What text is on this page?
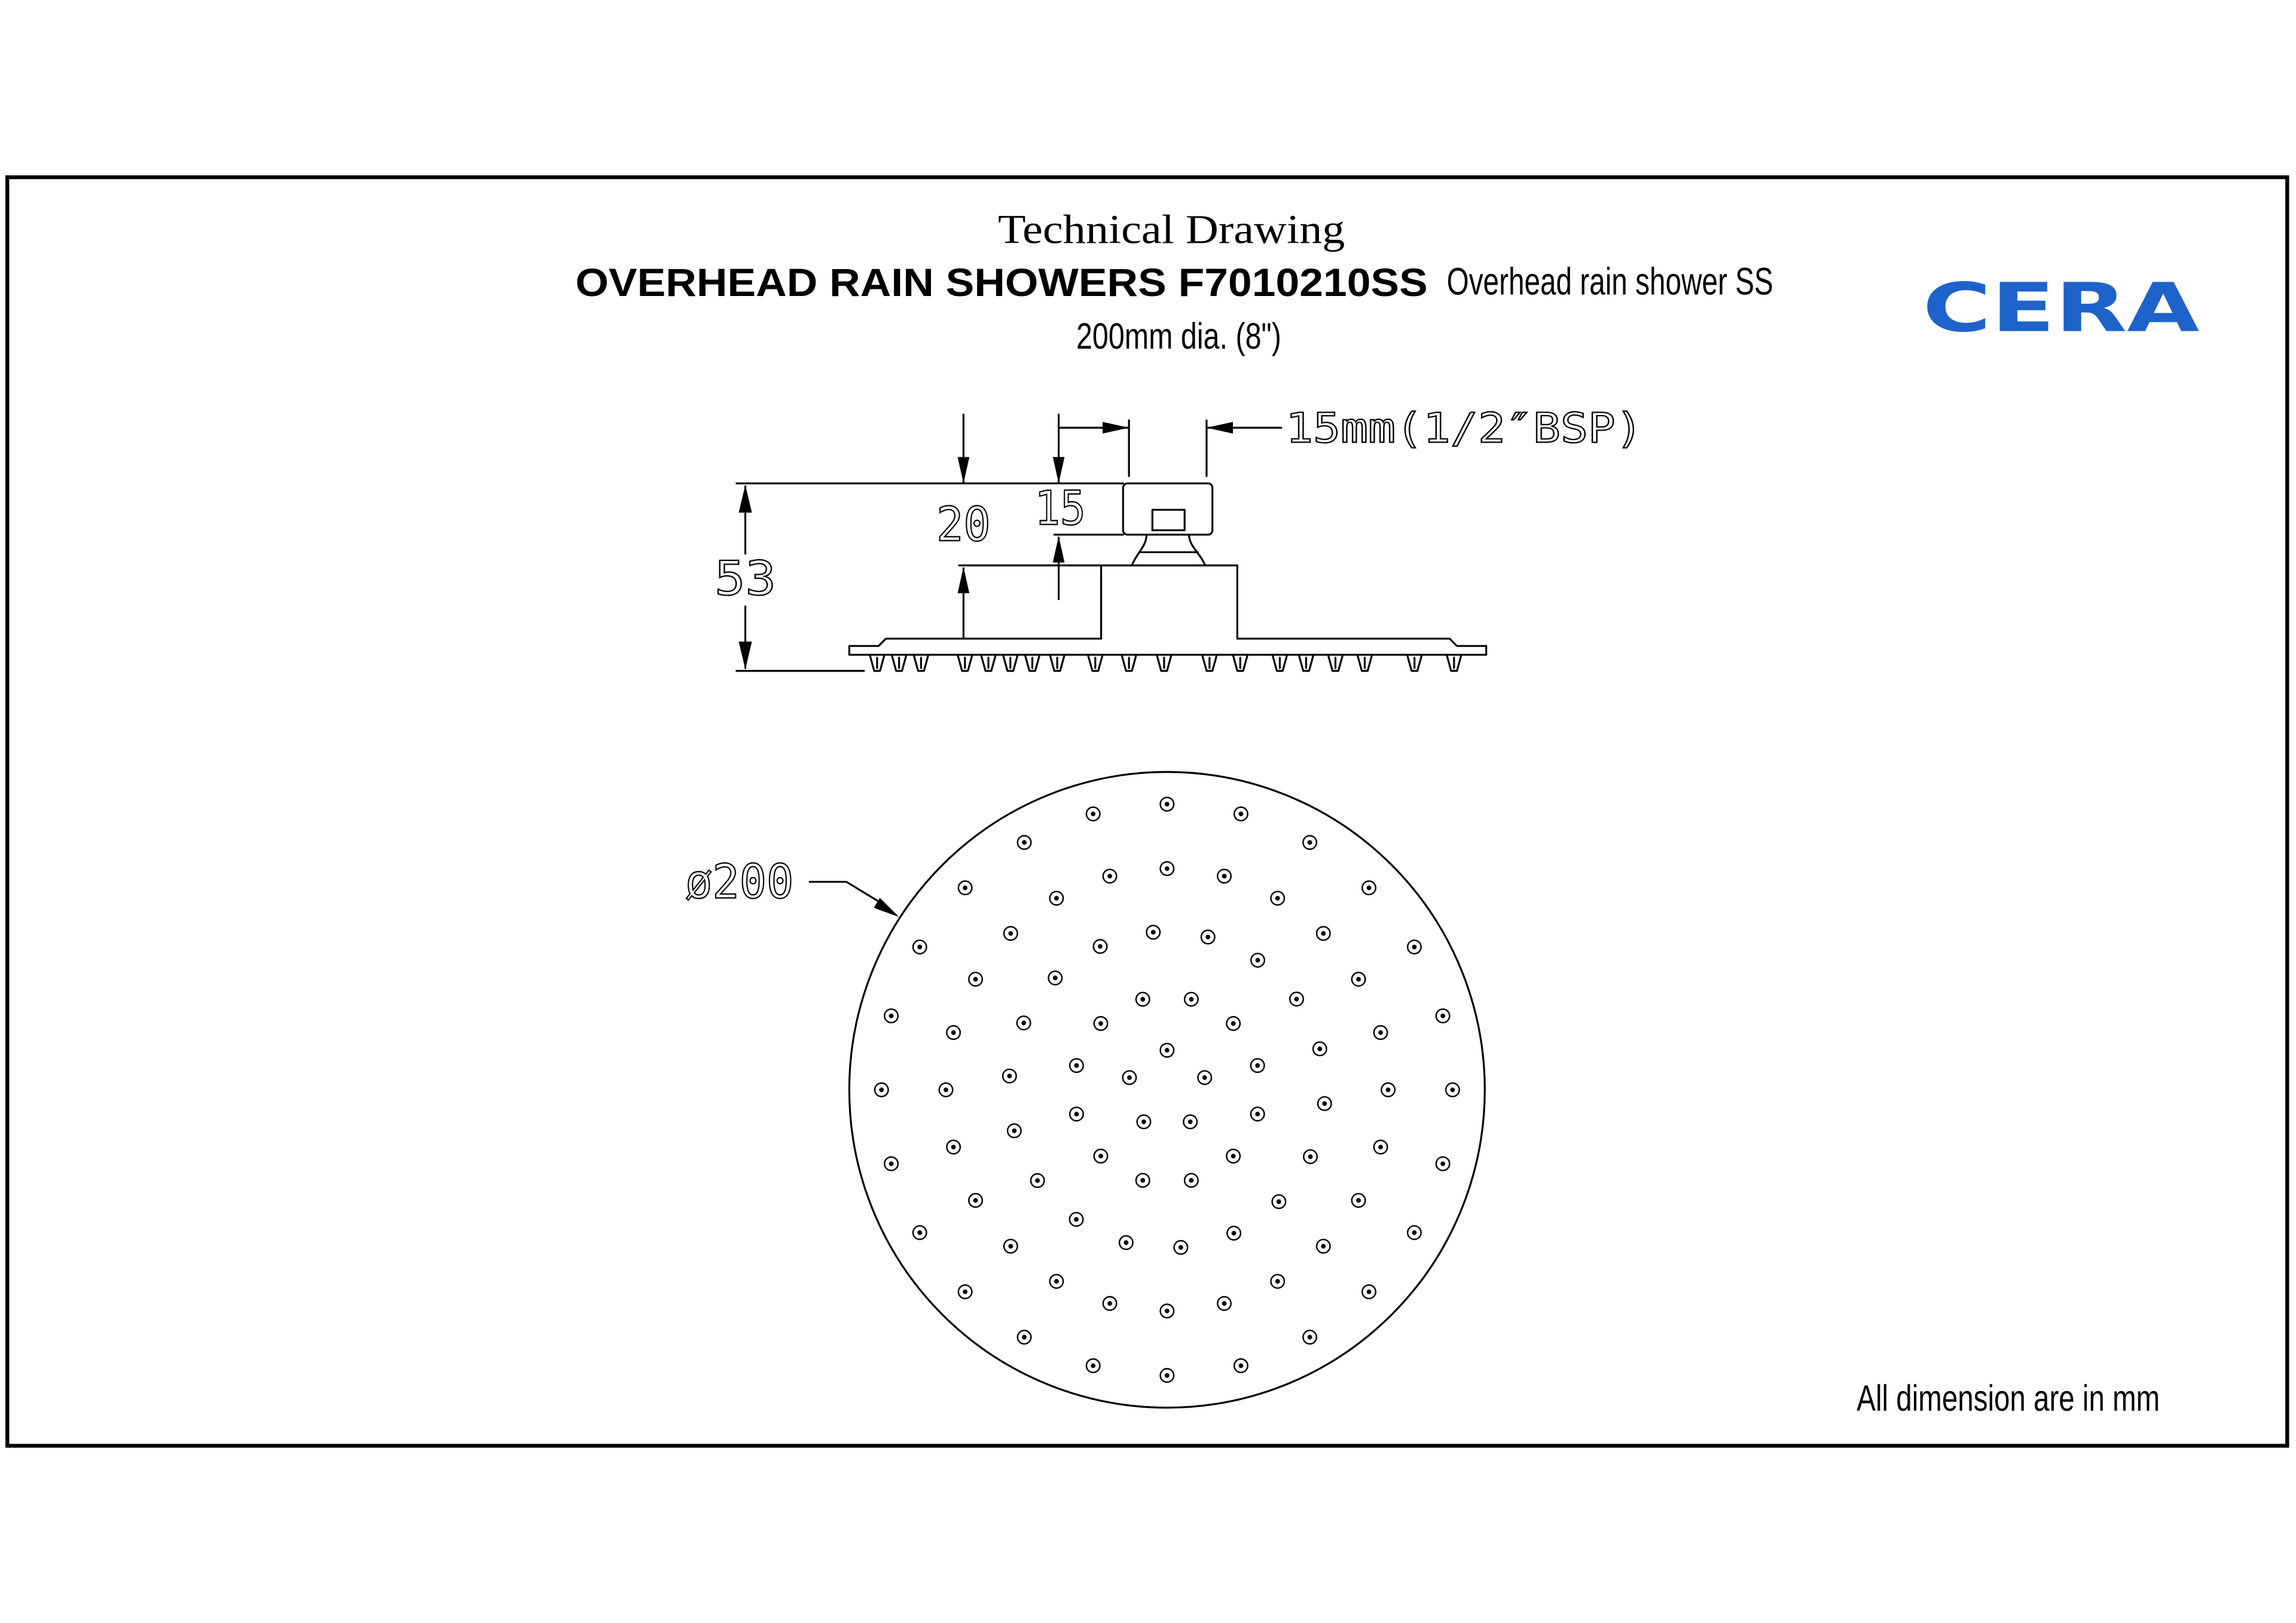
Technical Drawing
OVERHEAD RAIN SHOWERS F7010210SS Overhead rain shower SS
200mm dia. (8")	CERA
53
20 15
15mm(1/2″BSP)
ø200
All dimension are in mm
